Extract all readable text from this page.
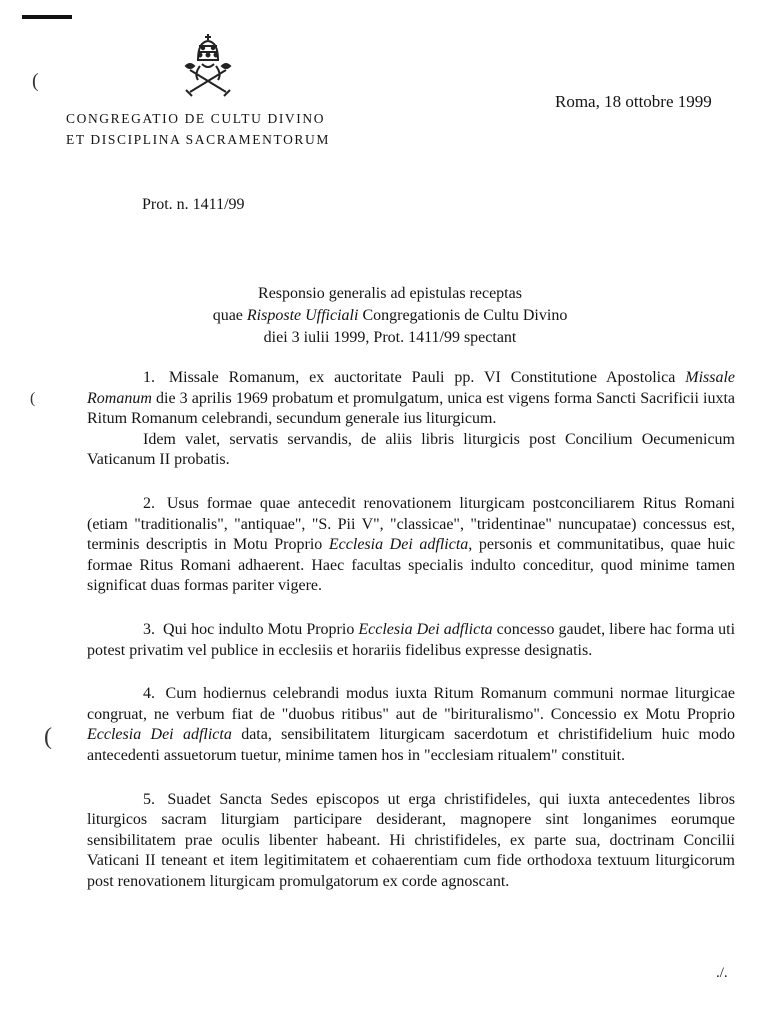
(
(
(
CONGREGATIO DE CULTU DIVINO
ET DISCIPLINA SACRAMENTORUM
Roma, 18 ottobre 1999
Prot. n. 1411/99
Responsio generalis ad epistulas receptas
quae Risposte Ufficiali Congregationis de Cultu Divino
diei 3 iulii 1999, Prot. 1411/99 spectant

1. Missale Romanum, ex auctoritate Pauli pp. VI Constitutione Apostolica Missale Romanum die 3 aprilis 1969 probatum et promulgatum, unica est vigens forma Sancti Sacrificii iuxta Ritum Romanum celebrandi, secundum generale ius liturgicum.

Idem valet, servatis servandis, de aliis libris liturgicis post Concilium Oecumenicum Vaticanum II probatis.

2. Usus formae quae antecedit renovationem liturgicam postconciliarem Ritus Romani (etiam "traditionalis", "antiquae", "S. Pii V", "classicae", "tridentinae" nuncupatae) concessus est, terminis descriptis in Motu Proprio Ecclesia Dei adflicta, personis et communitatibus, quae huic formae Ritus Romani adhaerent. Haec facultas specialis indulto conceditur, quod minime tamen significat duas formas pariter vigere.

3. Qui hoc indulto Motu Proprio Ecclesia Dei adflicta concesso gaudet, libere hac forma uti potest privatim vel publice in ecclesiis et horariis fidelibus expresse designatis.

4. Cum hodiernus celebrandi modus iuxta Ritum Romanum communi normae liturgicae congruat, ne verbum fiat de "duobus ritibus" aut de "birituralismo". Concessio ex Motu Proprio Ecclesia Dei adflicta data, sensibilitatem liturgicam sacerdotum et christifidelium huic modo antecedenti assuetorum tuetur, minime tamen hos in "ecclesiam ritualem" constituit.

5. Suadet Sancta Sedes episcopos ut erga christifideles, qui iuxta antecedentes libros liturgicos sacram liturgiam participare desiderant, magnopere sint longanimes eorumque sensibilitatem prae oculis libenter habeant. Hi christifideles, ex parte sua, doctrinam Concilii Vaticani II teneant et item legitimitatem et cohaerentiam cum fide orthodoxa textuum liturgicorum post renovationem liturgicam promulgatorum ex corde agnoscant.

./.
